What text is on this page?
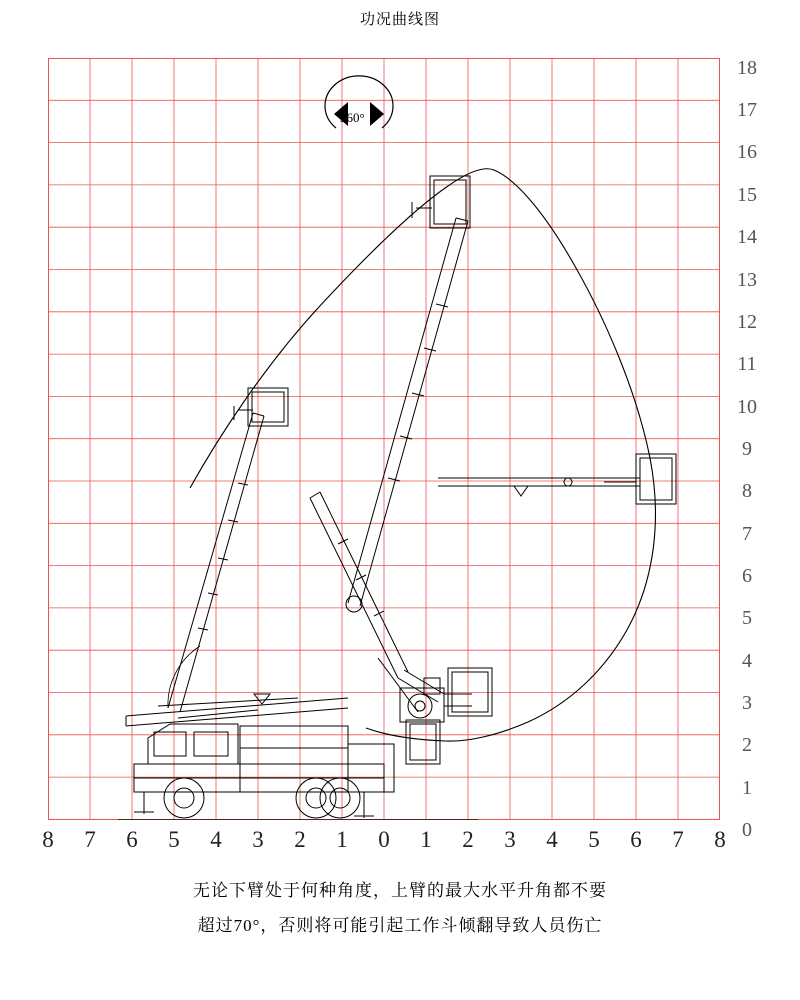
功况曲线图
360°
18
17
16
15
14
13
12
11
10
9
8
7
6
5
4
3
2
1
0
8	7	6	5	4	3	2	1	0	1	2	3	4	5	6	7	8
无论下臂处于何种角度，上臂的最大水平升角都不要
超过70°，否则将可能引起工作斗倾翻导致人员伤亡
